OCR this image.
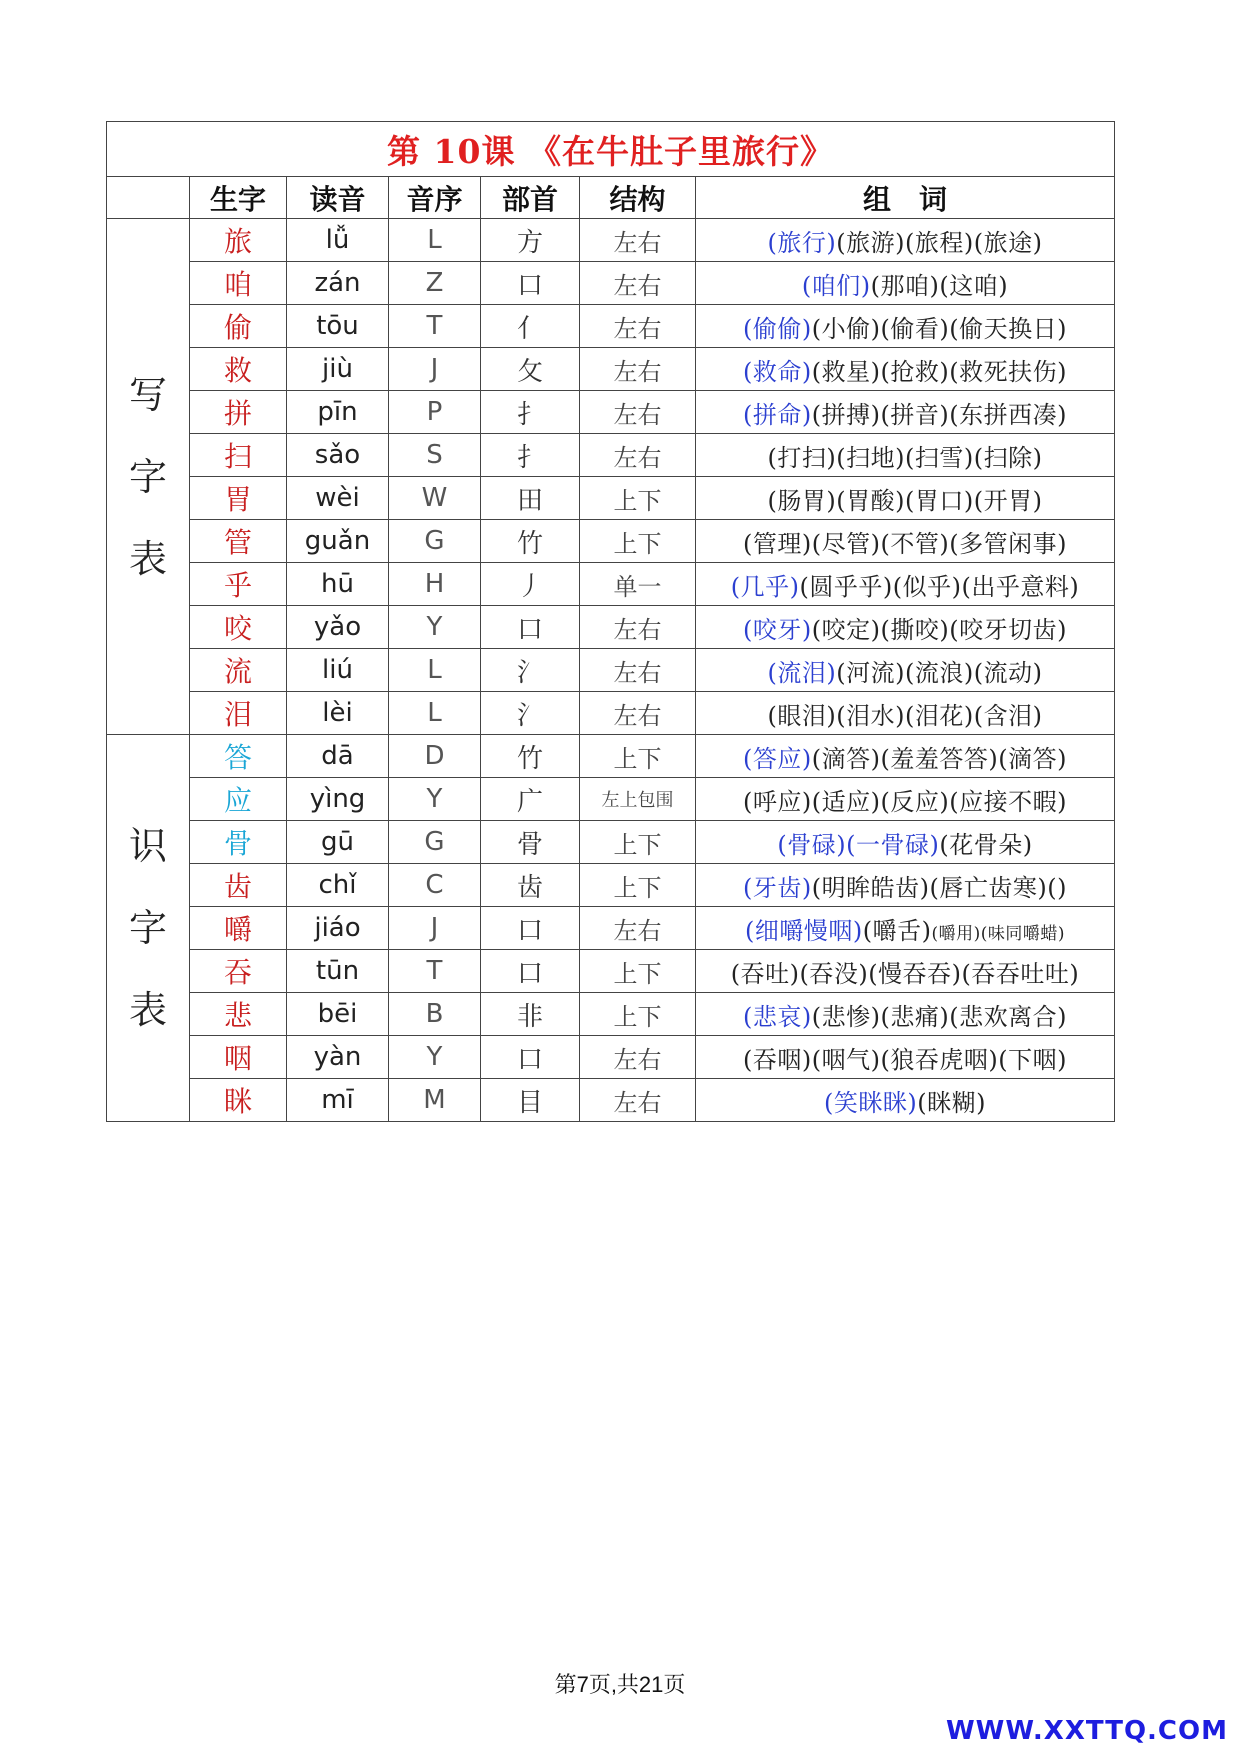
第 10课 《在牛肚子里旅行》						
	生字	读音	音序	部首	结构	组　词

写
字
表	旅	lǚ	L	方	左右	(旅行)(旅游)(旅程)(旅途)
	咱	zán	Z	口	左右	(咱们)(那咱)(这咱)
	偷	tōu	T	亻	左右	(偷偷)(小偷)(偷看)(偷天换日)
	救	jiù	J	攵	左右	(救命)(救星)(抢救)(救死扶伤)
	拼	pīn	P	扌	左右	(拼命)(拼搏)(拼音)(东拼西凑)
	扫	sǎo	S	扌	左右	(打扫)(扫地)(扫雪)(扫除)
	胃	wèi	W	田	上下	(肠胃)(胃酸)(胃口)(开胃)
	管	guǎn	G	竹	上下	(管理)(尽管)(不管)(多管闲事)
	乎	hū	H	丿	单一	(几乎)(圆乎乎)(似乎)(出乎意料)
	咬	yǎo	Y	口	左右	(咬牙)(咬定)(撕咬)(咬牙切齿)
	流	liú	L	氵	左右	(流泪)(河流)(流浪)(流动)
	泪	lèi	L	氵	左右	(眼泪)(泪水)(泪花)(含泪)

识
字
表	答	dā	D	竹	上下	(答应)(滴答)(羞羞答答)(滴答)
	应	yìng	Y	广	左上包围	(呼应)(适应)(反应)(应接不暇)
	骨	gū	G	骨	上下	(骨碌)(一骨碌)(花骨朵)
	齿	chǐ	C	齿	上下	(牙齿)(明眸皓齿)(唇亡齿寒)()
	嚼	jiáo	J	口	左右	(细嚼慢咽)(嚼舌)(嚼用)(味同嚼蜡)
	吞	tūn	T	口	上下	(吞吐)(吞没)(慢吞吞)(吞吞吐吐)
	悲	bēi	B	非	上下	(悲哀)(悲惨)(悲痛)(悲欢离合)
	咽	yàn	Y	口	左右	(吞咽)(咽气)(狼吞虎咽)(下咽)
	眯	mī	M	目	左右	(笑眯眯)(眯糊)
第7页,共21页
WWW.XXTTQ.COM
